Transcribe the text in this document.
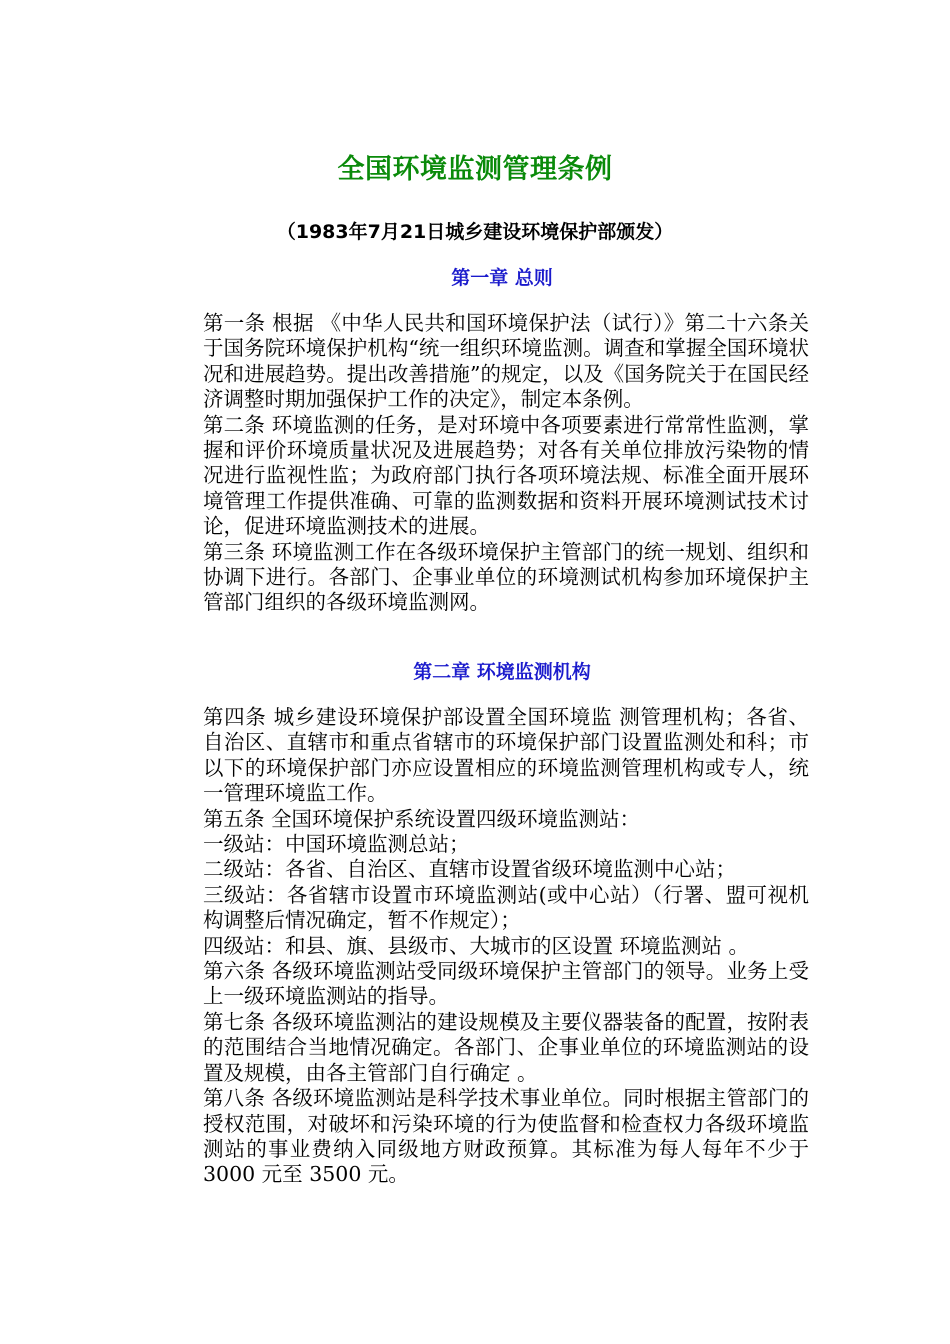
全国环境监测管理条例
（1983年7月21日城乡建设环境保护部颁发）
第一章 总则

第一条 根据 《中华人民共和国环境保护法（试行）》第二十六条关于国务院环境保护机构“统一组织环境监测。调查和掌握全国环境状况和进展趋势。提出改善措施”的规定，以及《国务院关于在国民经济调整时期加强保护工作的决定》，制定本条例。

第二条 环境监测的任务，是对环境中各项要素进行常常性监测，掌握和评价环境质量状况及进展趋势；对各有关单位排放污染物的情况进行监视性监；为政府部门执行各项环境法规、标准全面开展环境管理工作提供准确、可靠的监测数据和资料开展环境测试技术讨论，促进环境监测技术的进展。

第三条 环境监测工作在各级环境保护主管部门的统一规划、组织和协调下进行。各部门、企事业单位的环境测试机构参加环境保护主管部门组织的各级环境监测网。

第二章 环境监测机构

第四条 城乡建设环境保护部设置全国环境监 测管理机构；各省、自治区、直辖市和重点省辖市的环境保护部门设置监测处和科；市以下的环境保护部门亦应设置相应的环境监测管理机构或专人，统一管理环境监工作。

第五条 全国环境保护系统设置四级环境监测站：

一级站：中国环境监测总站；

二级站：各省、自治区、直辖市设置省级环境监测中心站；

三级站：各省辖市设置市环境监测站(或中心站）（行署、盟可视机构调整后情况确定，暂不作规定）；

四级站：和县、旗、县级市、大城市的区设置 环境监测站 。

第六条 各级环境监测站受同级环境保护主管部门的领导。业务上受上一级环境监测站的指导。

第七条 各级环境监测沾的建设规模及主要仪器装备的配置，按附表的范围结合当地情况确定。各部门、企事业单位的环境监测站的设置及规模，由各主管部门自行确定 。

第八条 各级环境监测站是科学技术事业单位。同时根据主管部门的授权范围，对破坏和污染环境的行为使监督和检查权力各级环境监测站的事业费纳入同级地方财政预算。其标准为每人每年不少于 3000 元至 3500 元。
